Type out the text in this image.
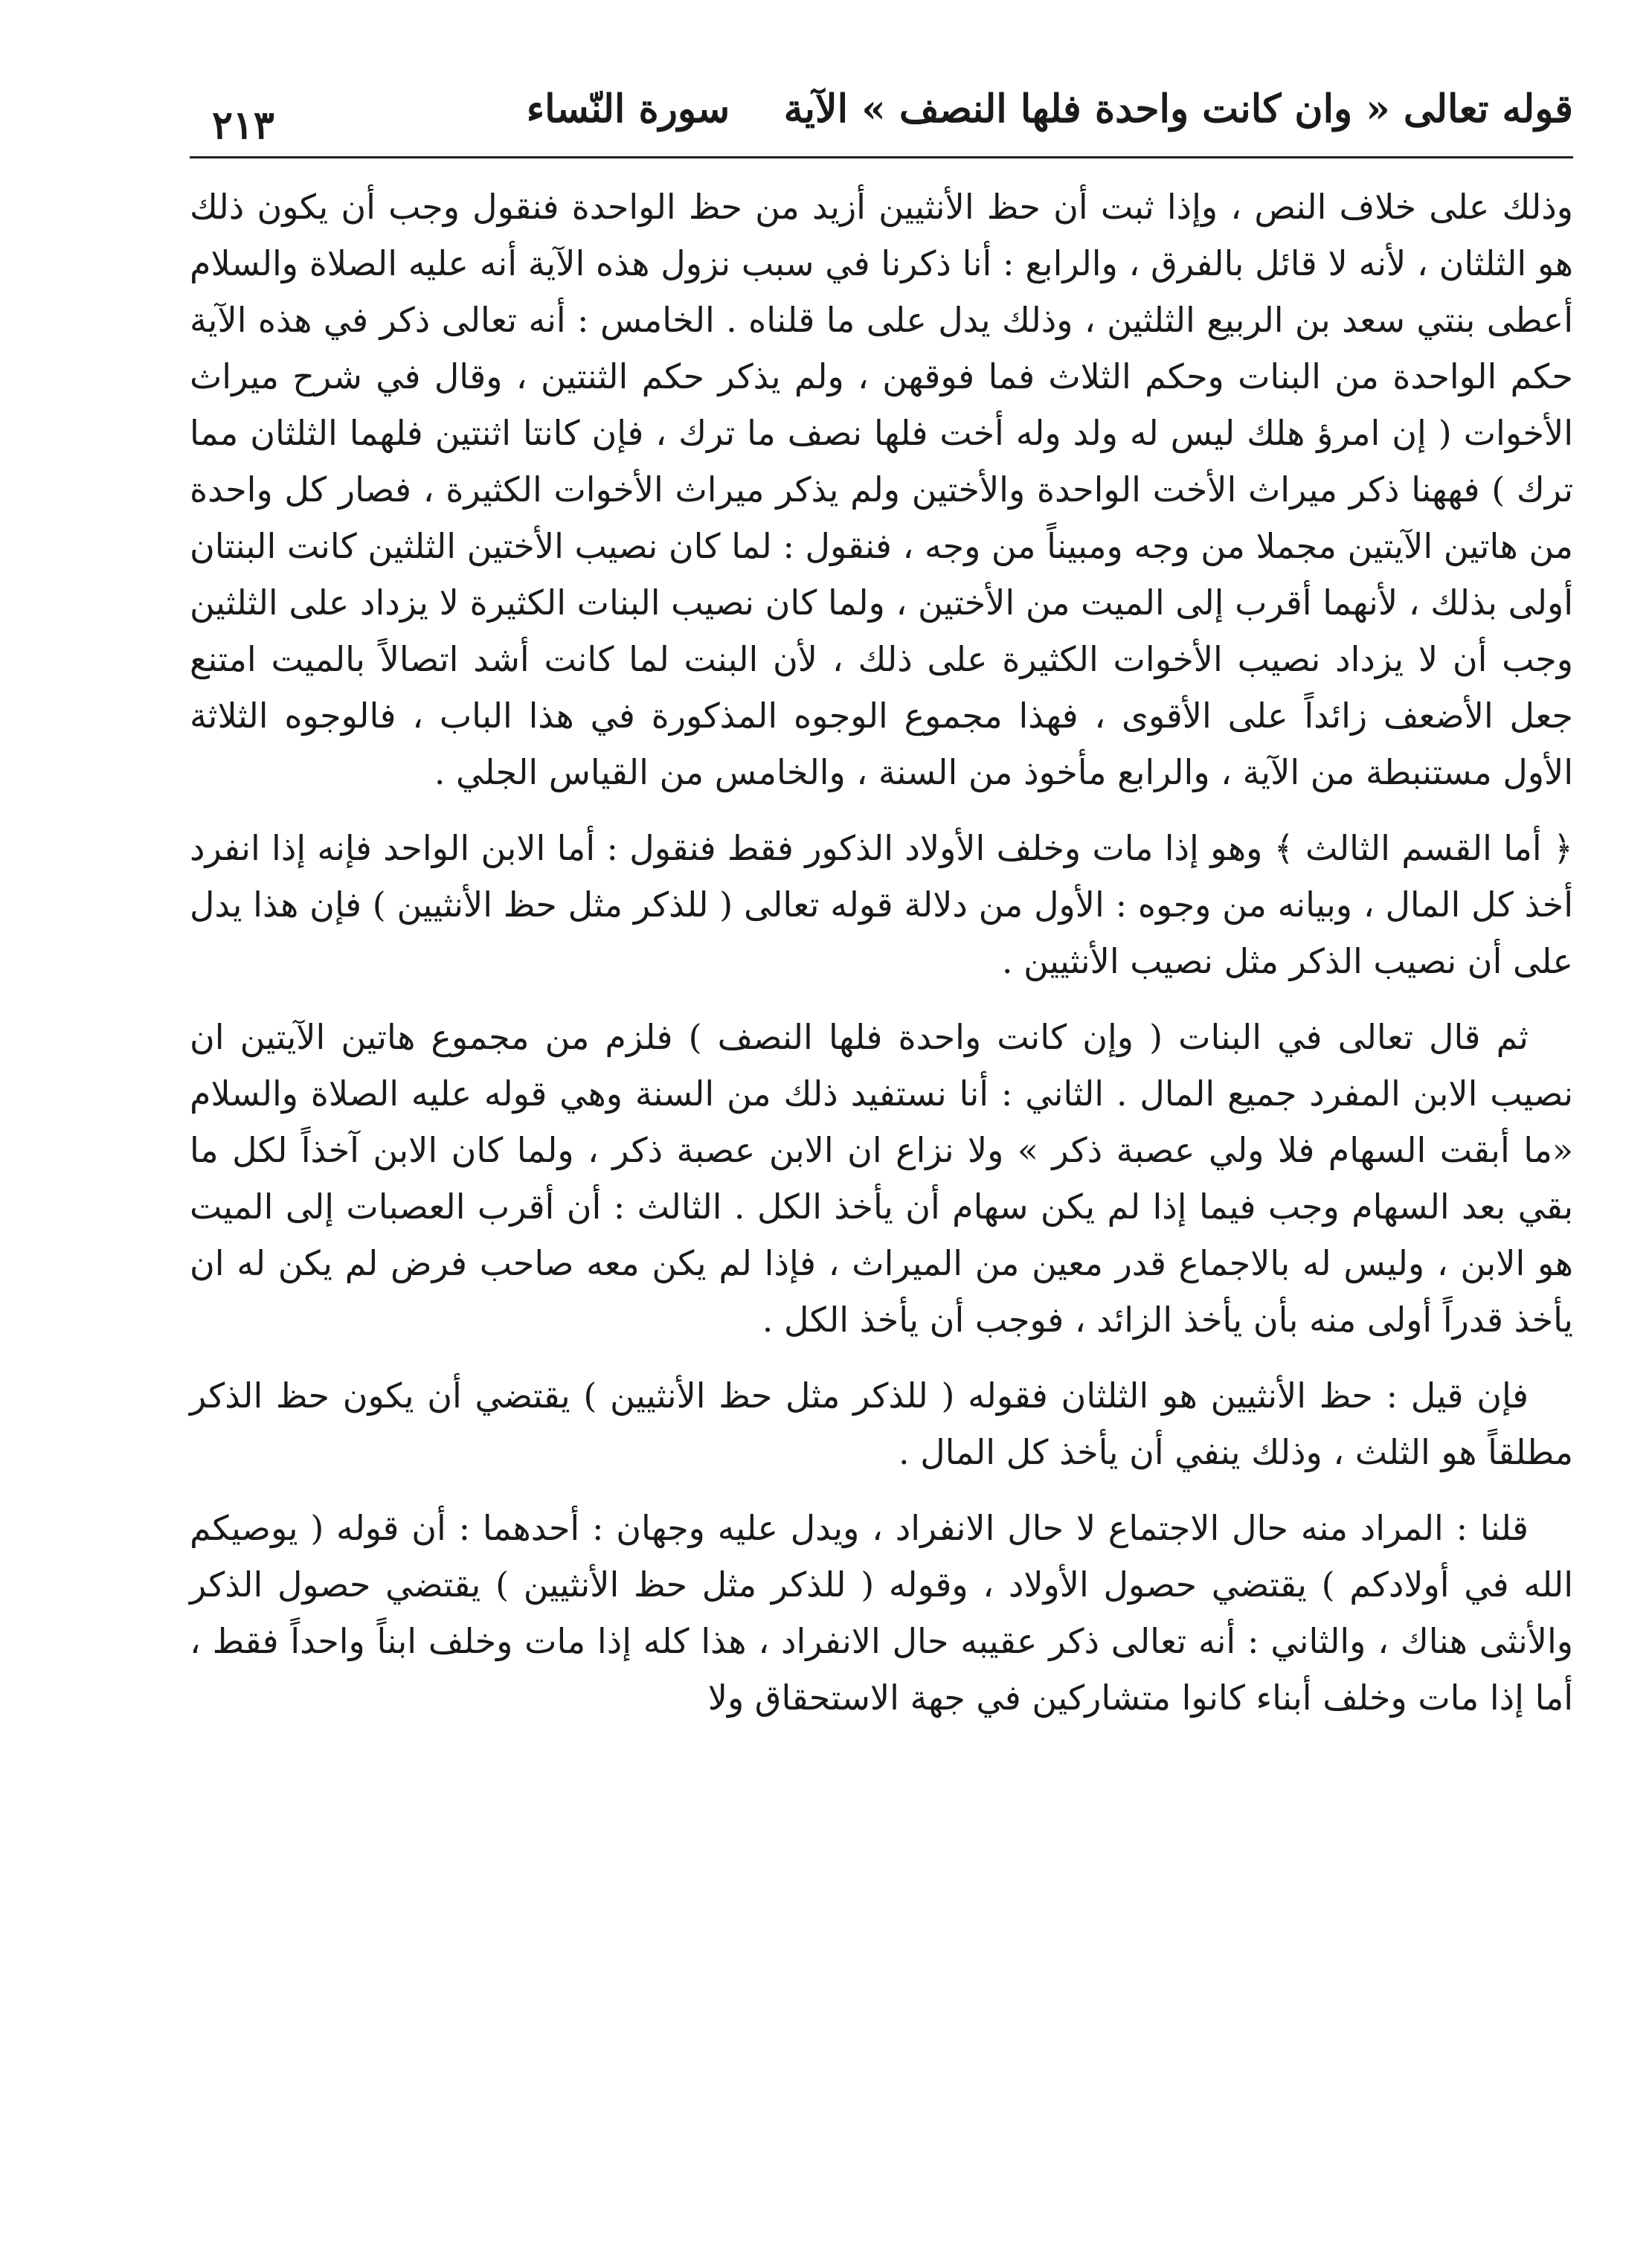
قوله تعالى « وان كانت واحدة فلها النصف » الآية    سورة النّساء
٢١٣

وذلك على خلاف النص ، وإذا ثبت أن حظ الأنثيين أزيد من حظ الواحدة فنقول وجب أن يكون ذلك هو الثلثان ، لأنه لا قائل بالفرق ، والرابع : أنا ذكرنا في سبب نزول هذه الآية أنه عليه الصلاة والسلام أعطى بنتي سعد بن الربيع الثلثين ، وذلك يدل على ما قلناه . الخامس : أنه تعالى ذكر في هذه الآية حكم الواحدة من البنات وحكم الثلاث فما فوقهن ، ولم يذكر حكم الثنتين ، وقال في شرح ميراث الأخوات ( إن امرؤ هلك ليس له ولد وله أخت فلها نصف ما ترك ، فإن كانتا اثنتين فلهما الثلثان مما ترك ) فههنا ذكر ميراث الأخت الواحدة والأختين ولم يذكر ميراث الأخوات الكثيرة ، فصار كل واحدة من هاتين الآيتين مجملا من وجه ومبيناً من وجه ، فنقول : لما كان نصيب الأختين الثلثين كانت البنتان أولى بذلك ، لأنهما أقرب إلى الميت من الأختين ، ولما كان نصيب البنات الكثيرة لا يزداد على الثلثين وجب أن لا يزداد نصيب الأخوات الكثيرة على ذلك ، لأن البنت لما كانت أشد اتصالاً بالميت امتنع جعل الأضعف زائداً على الأقوى ، فهذا مجموع الوجوه المذكورة في هذا الباب ، فالوجوه الثلاثة الأول مستنبطة من الآية ، والرابع مأخوذ من السنة ، والخامس من القياس الجلي .

﴿ أما القسم الثالث ﴾ وهو إذا مات وخلف الأولاد الذكور فقط فنقول : أما الابن الواحد فإنه إذا انفرد أخذ كل المال ، وبيانه من وجوه : الأول من دلالة قوله تعالى ( للذكر مثل حظ الأنثيين ) فإن هذا يدل على أن نصيب الذكر مثل نصيب الأنثيين .

ثم قال تعالى في البنات ( وإن كانت واحدة فلها النصف ) فلزم من مجموع هاتين الآيتين ان نصيب الابن المفرد جميع المال . الثاني : أنا نستفيد ذلك من السنة وهي قوله عليه الصلاة والسلام «ما أبقت السهام فلا ولي عصبة ذكر » ولا نزاع ان الابن عصبة ذكر ، ولما كان الابن آخذاً لكل ما بقي بعد السهام وجب فيما إذا لم يكن سهام أن يأخذ الكل . الثالث : أن أقرب العصبات إلى الميت هو الابن ، وليس له بالاجماع قدر معين من الميراث ، فإذا لم يكن معه صاحب فرض لم يكن له ان يأخذ قدراً أولى منه بأن يأخذ الزائد ، فوجب أن يأخذ الكل .

فإن قيل : حظ الأنثيين هو الثلثان فقوله ( للذكر مثل حظ الأنثيين ) يقتضي أن يكون حظ الذكر مطلقاً هو الثلث ، وذلك ينفي أن يأخذ كل المال .

قلنا : المراد منه حال الاجتماع لا حال الانفراد ، ويدل عليه وجهان : أحدهما : أن قوله ( يوصيكم الله في أولادكم ) يقتضي حصول الأولاد ، وقوله ( للذكر مثل حظ الأنثيين ) يقتضي حصول الذكر والأنثى هناك ، والثاني : أنه تعالى ذكر عقيبه حال الانفراد ، هذا كله إذا مات وخلف ابناً واحداً فقط ، أما إذا مات وخلف أبناء كانوا متشاركين في جهة الاستحقاق ولا
